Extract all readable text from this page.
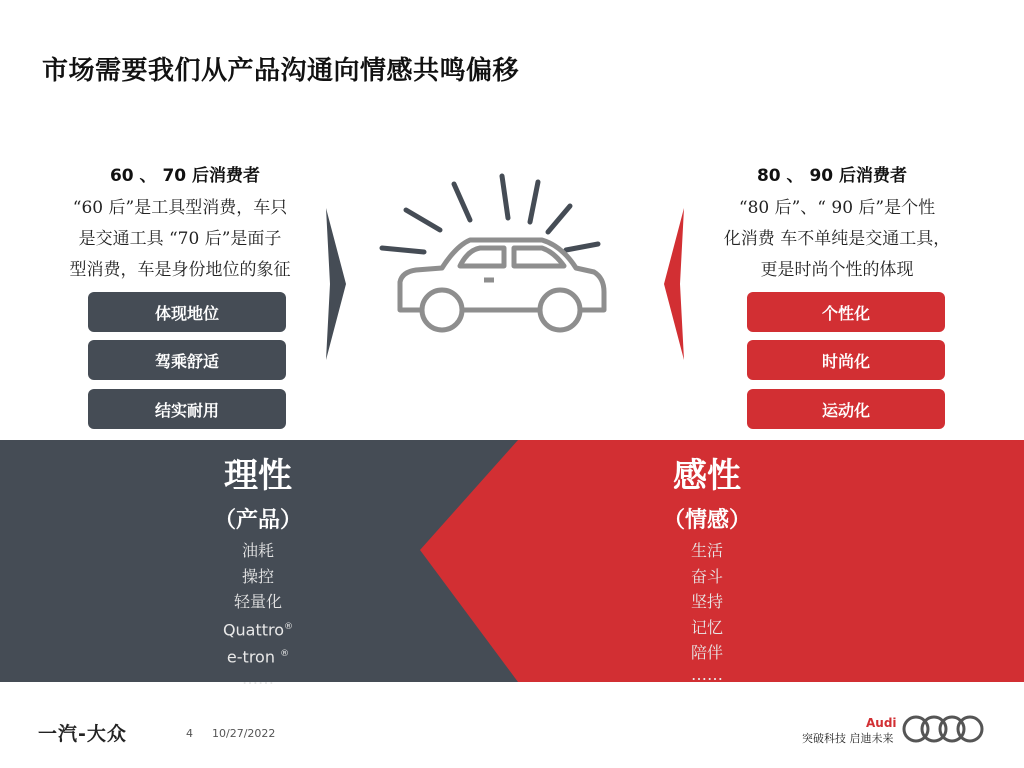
市场需要我们从产品沟通向情感共鸣偏移
60 、 70 后消费者
“60 后”是工具型消费，车只
是交通工具 “70 后”是面子
型消费，车是身份地位的象征
体现地位
驾乘舒适
结实耐用
80 、 90 后消费者
“80 后”、“ 90 后”是个性
化消费 车不单纯是交通工具，
更是时尚个性的体现
个性化
时尚化
运动化
理性
（产品）
油耗
操控
轻量化
Quattro®
e-tron ®
……
感性
（情感）
生活
奋斗
坚持
记忆
陪伴
……
一汽-大众	4 10/27/2022
Audi
突破科技 启迪未来
